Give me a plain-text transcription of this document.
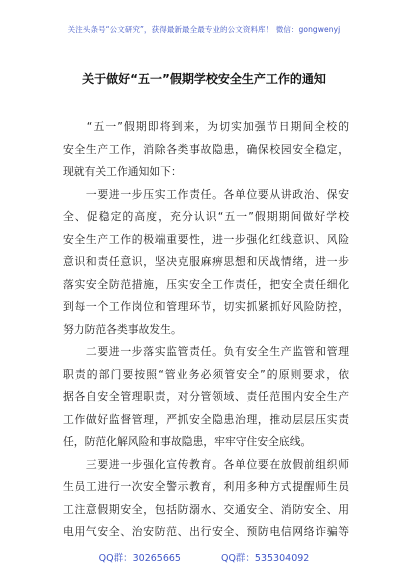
关注头条号“公文研究”，获得最新最全最专业的公文资料库！ 微信：gongwenyj
关于做好“五一”假期学校安全生产工作的通知
　　“五一”假期即将到来，为切实加强节日期间全校的
安全生产工作，消除各类事故隐患，确保校园安全稳定，
现就有关工作通知如下：
　　一要进一步压实工作责任。各单位要从讲政治、保安
全、促稳定的高度，充分认识“五一”假期期间做好学校
安全生产工作的极端重要性，进一步强化红线意识、风险
意识和责任意识，坚决克服麻痹思想和厌战情绪，进一步
落实安全防范措施，压实安全工作责任，把安全责任细化
到每一个工作岗位和管理环节，切实抓紧抓好风险防控，
努力防范各类事故发生。
　　二要进一步落实监管责任。负有安全生产监管和管理
职责的部门要按照“管业务必须管安全”的原则要求，依
据各自安全管理职责，对分管领域、责任范围内安全生产
工作做好监督管理，严抓安全隐患治理，推动层层压实责
任，防范化解风险和事故隐患，牢牢守住安全底线。
　　三要进一步强化宣传教育。各单位要在放假前组织师
生员工进行一次安全警示教育，利用多种方式提醒师生员
工注意假期安全，包括防溺水、交通安全、消防安全、用
电用气安全、治安防范、出行安全、预防电信网络诈骗等
QQ群：30265665	QQ群：535304092
